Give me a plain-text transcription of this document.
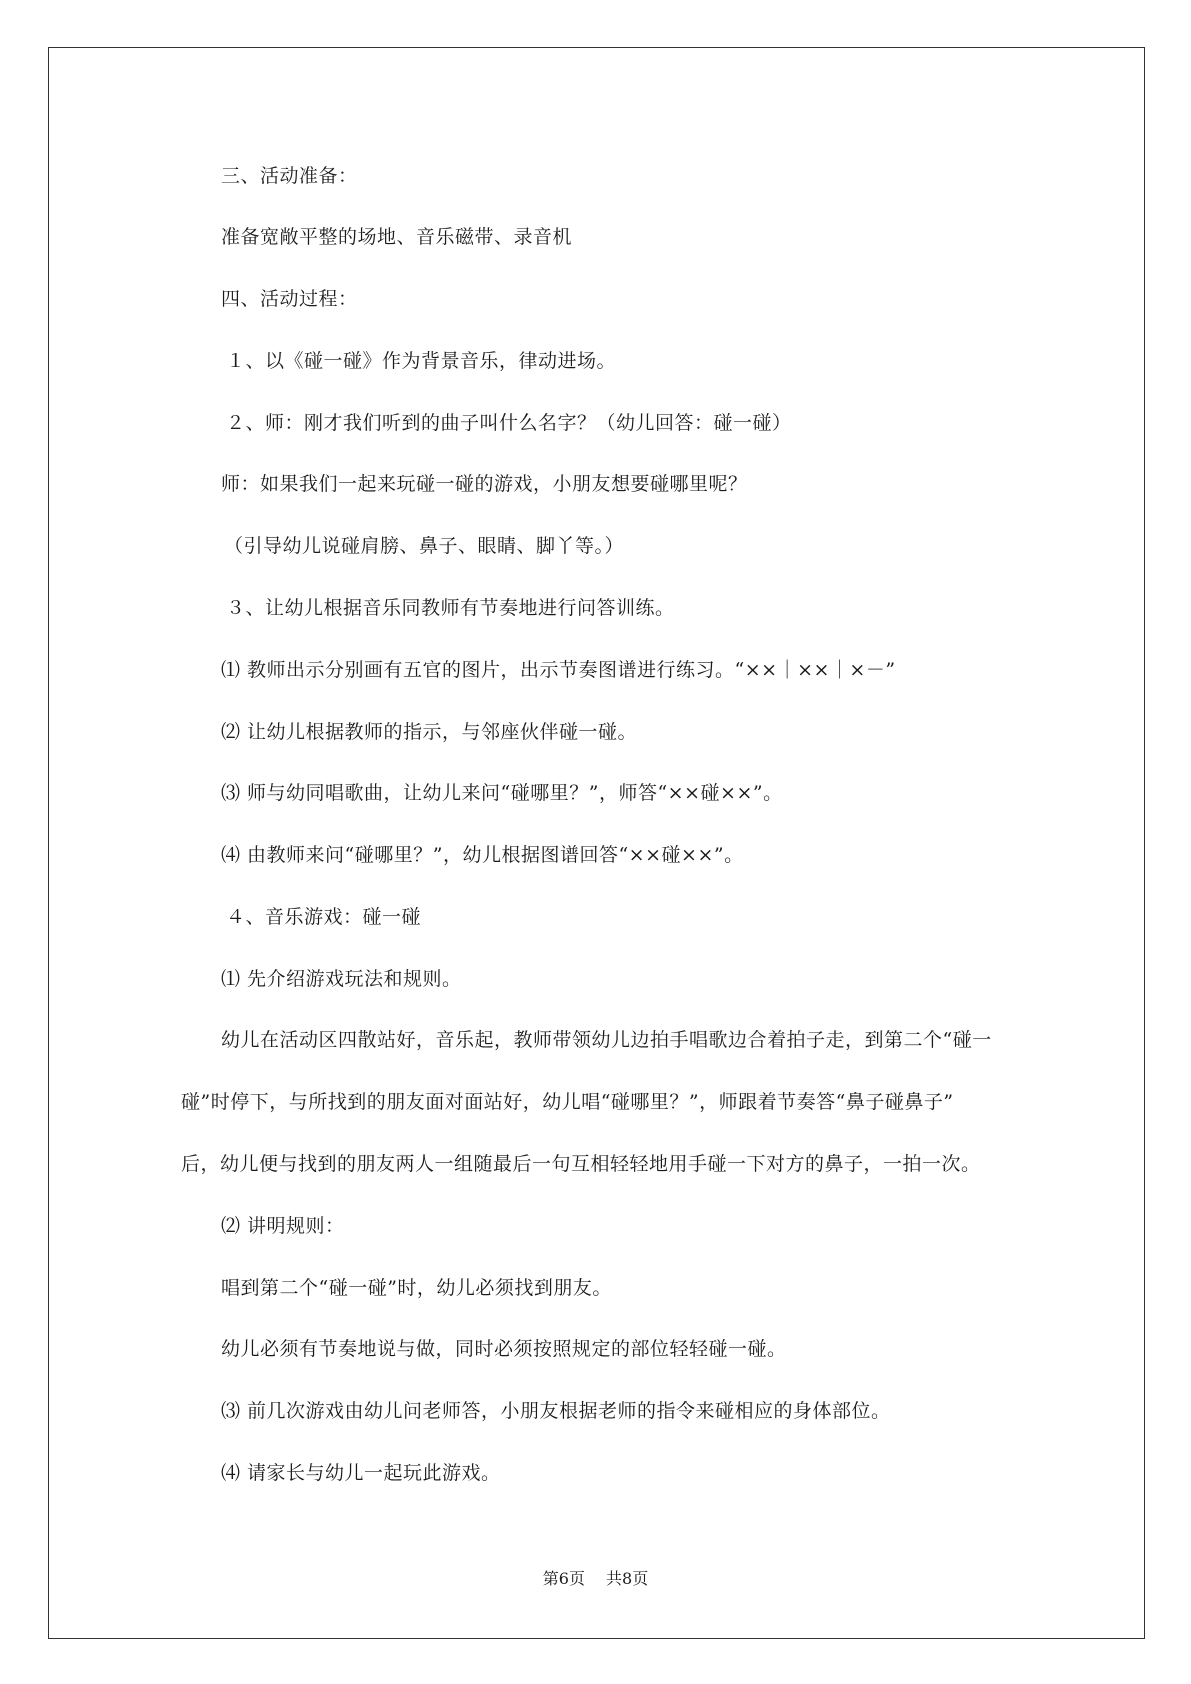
三、活动准备：
准备宽敞平整的场地、音乐磁带、录音机
四、活动过程：
１、以《碰一碰》作为背景音乐，律动进场。
２、师：刚才我们听到的曲子叫什么名字？（幼儿回答：碰一碰）
师：如果我们一起来玩碰一碰的游戏，小朋友想要碰哪里呢？
（引导幼儿说碰肩膀、鼻子、眼睛、脚丫等。）
３、让幼儿根据音乐同教师有节奏地进行问答训练。
⑴ 教师出示分别画有五官的图片，出示节奏图谱进行练习。“××｜××｜×－”
⑵ 让幼儿根据教师的指示，与邻座伙伴碰一碰。
⑶ 师与幼同唱歌曲，让幼儿来问“碰哪里？”，师答“××碰××”。
⑷ 由教师来问“碰哪里？”，幼儿根据图谱回答“××碰××”。
４、音乐游戏：碰一碰
⑴ 先介绍游戏玩法和规则。
幼儿在活动区四散站好，音乐起，教师带领幼儿边拍手唱歌边合着拍子走，到第二个“碰一
碰”时停下，与所找到的朋友面对面站好，幼儿唱“碰哪里？”，师跟着节奏答“鼻子碰鼻子”
后，幼儿便与找到的朋友两人一组随最后一句互相轻轻地用手碰一下对方的鼻子，一拍一次。
⑵ 讲明规则：
唱到第二个“碰一碰”时，幼儿必须找到朋友。
幼儿必须有节奏地说与做，同时必须按照规定的部位轻轻碰一碰。
⑶ 前几次游戏由幼儿问老师答，小朋友根据老师的指令来碰相应的身体部位。
⑷ 请家长与幼儿一起玩此游戏。
第6页 共8页
